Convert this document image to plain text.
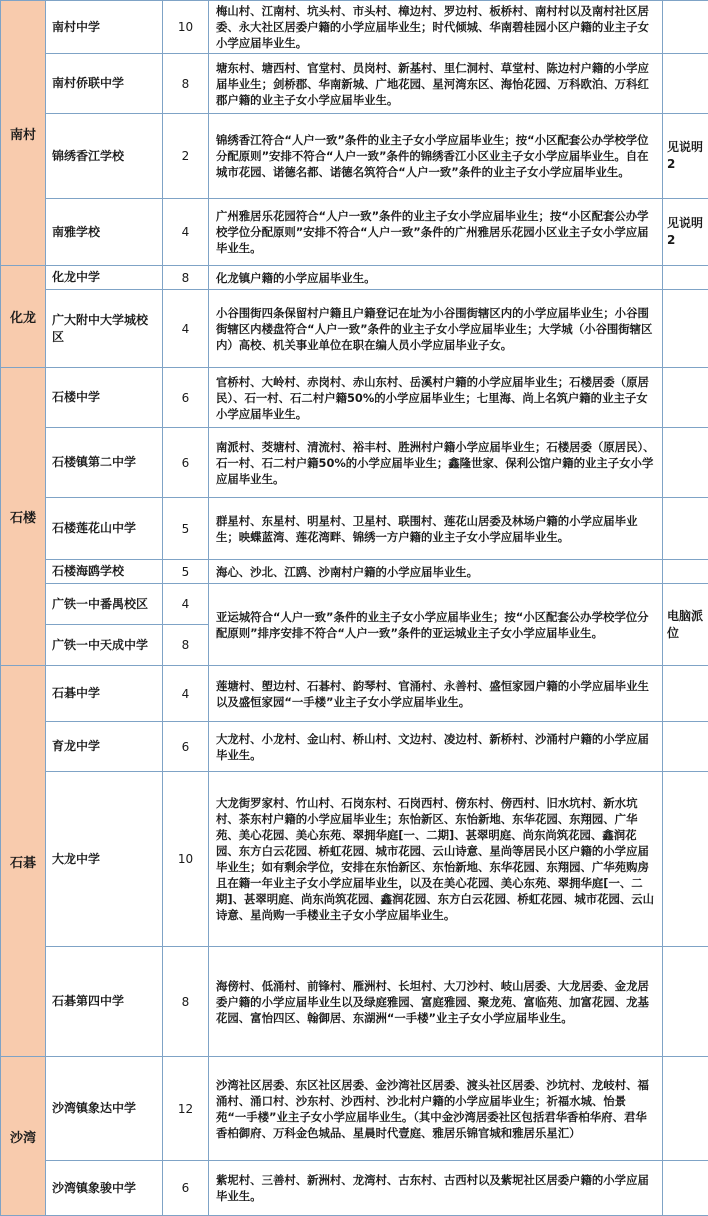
南村	南村中学	10	梅山村、江南村、坑头村、市头村、樟边村、罗边村、板桥村、南村村以及南村社区居委、永大社区居委户籍的小学应届毕业生；时代倾城、华南碧桂园小区户籍的业主子女小学应届毕业生。	
	南村侨联中学	8	塘东村、塘西村、官堂村、员岗村、新基村、里仁洞村、草堂村、陈边村户籍的小学应届毕业生；剑桥郡、华南新城、广地花园、星河湾东区、海怡花园、万科欧泊、万科红郡户籍的业主子女小学应届毕业生。	
	锦绣香江学校	2	锦绣香江符合“人户一致”条件的业主子女小学应届毕业生；按“小区配套公办学校学位分配原则”安排不符合“人户一致”条件的锦绣香江小区业主子女小学应届毕业生。自在城市花园、诺德名都、诺德名筑符合“人户一致”条件的业主子女小学应届毕业生。	见说明2
	南雅学校	4	广州雅居乐花园符合“人户一致”条件的业主子女小学应届毕业生；按“小区配套公办学校学位分配原则”安排不符合“人户一致”条件的广州雅居乐花园小区业主子女小学应届毕业生。	见说明2
化龙	化龙中学	8	化龙镇户籍的小学应届毕业生。	
	广大附中大学城校区	4	小谷围街四条保留村户籍且户籍登记在址为小谷围街辖区内的小学应届毕业生；小谷围街辖区内楼盘符合“人户一致”条件的业主子女小学应届毕业生；大学城（小谷围街辖区内）高校、机关事业单位在职在编人员小学应届毕业子女。	
石楼	石楼中学	6	官桥村、大岭村、赤岗村、赤山东村、岳溪村户籍的小学应届毕业生；石楼居委（原居民）、石一村、石二村户籍50%的小学应届毕业生；七里海、尚上名筑户籍的业主子女小学应届毕业生。	
	石楼镇第二中学	6	南派村、茭塘村、清流村、裕丰村、胜洲村户籍小学应届毕业生；石楼居委（原居民）、石一村、石二村户籍50%的小学应届毕业生；鑫隆世家、保利公馆户籍的业主子女小学应届毕业生。	
	石楼莲花山中学	5	群星村、东星村、明星村、卫星村、联围村、莲花山居委及林场户籍的小学应届毕业生；映蝶蓝湾、莲花湾畔、锦绣一方户籍的业主子女小学应届毕业生。	
	石楼海鸥学校	5	海心、沙北、江鸥、沙南村户籍的小学应届毕业生。	
	广铁一中番禺校区	4	亚运城符合“人户一致”条件的业主子女小学应届毕业生；按“小区配套公办学校学位分配原则”排序安排不符合“人户一致”条件的亚运城业主子女小学应届毕业生。	电脑派位
	广铁一中天成中学	8		
石碁	石碁中学	4	莲塘村、塱边村、石碁村、韵琴村、官涌村、永善村、盛恒家园户籍的小学应届毕业生以及盛恒家园“一手楼”业主子女小学应届毕业生。	
	育龙中学	6	大龙村、小龙村、金山村、桥山村、文边村、凌边村、新桥村、沙涌村户籍的小学应届毕业生。	
	大龙中学	10	大龙街罗家村、竹山村、石岗东村、石岗西村、傍东村、傍西村、旧水坑村、新水坑村、茶东村户籍的小学应届毕业生；东怡新区、东怡新地、东华花园、东翔园、广华苑、美心花园、美心东苑、翠拥华庭[一、二期]、甚翠明庭、尚东尚筑花园、鑫润花园、东方白云花园、桥虹花园、城市花园、云山诗意、星尚等居民小区户籍的小学应届毕业生；如有剩余学位，安排在东怡新区、东怡新地、东华花园、东翔园、广华苑购房且在籍一年业主子女小学应届毕业生，以及在美心花园、美心东苑、翠拥华庭[一、二期]、甚翠明庭、尚东尚筑花园、鑫润花园、东方白云花园、桥虹花园、城市花园、云山诗意、星尚购一手楼业主子女小学应届毕业生。	
	石碁第四中学	8	海傍村、低涌村、前锋村、雁洲村、长坦村、大刀沙村、岐山居委、大龙居委、金龙居委户籍的小学应届毕业生以及绿庭雅园、富庭雅园、聚龙苑、富临苑、加富花园、龙基花园、富怡四区、翰御居、东湖洲“一手楼”业主子女小学应届毕业生。	
沙湾	沙湾镇象达中学	12	沙湾社区居委、东区社区居委、金沙湾社区居委、渡头社区居委、沙坑村、龙岐村、福涌村、涌口村、沙东村、沙西村、沙北村户籍的小学应届毕业生；祈福水城、怡景苑“一手楼”业主子女小学应届毕业生。（其中金沙湾居委社区包括君华香柏华府、君华香柏御府、万科金色城品、星晨时代壹庭、雅居乐锦官城和雅居乐星汇）	
	沙湾镇象骏中学	6	紫坭村、三善村、新洲村、龙湾村、古东村、古西村以及紫坭社区居委户籍的小学应届毕业生。	
